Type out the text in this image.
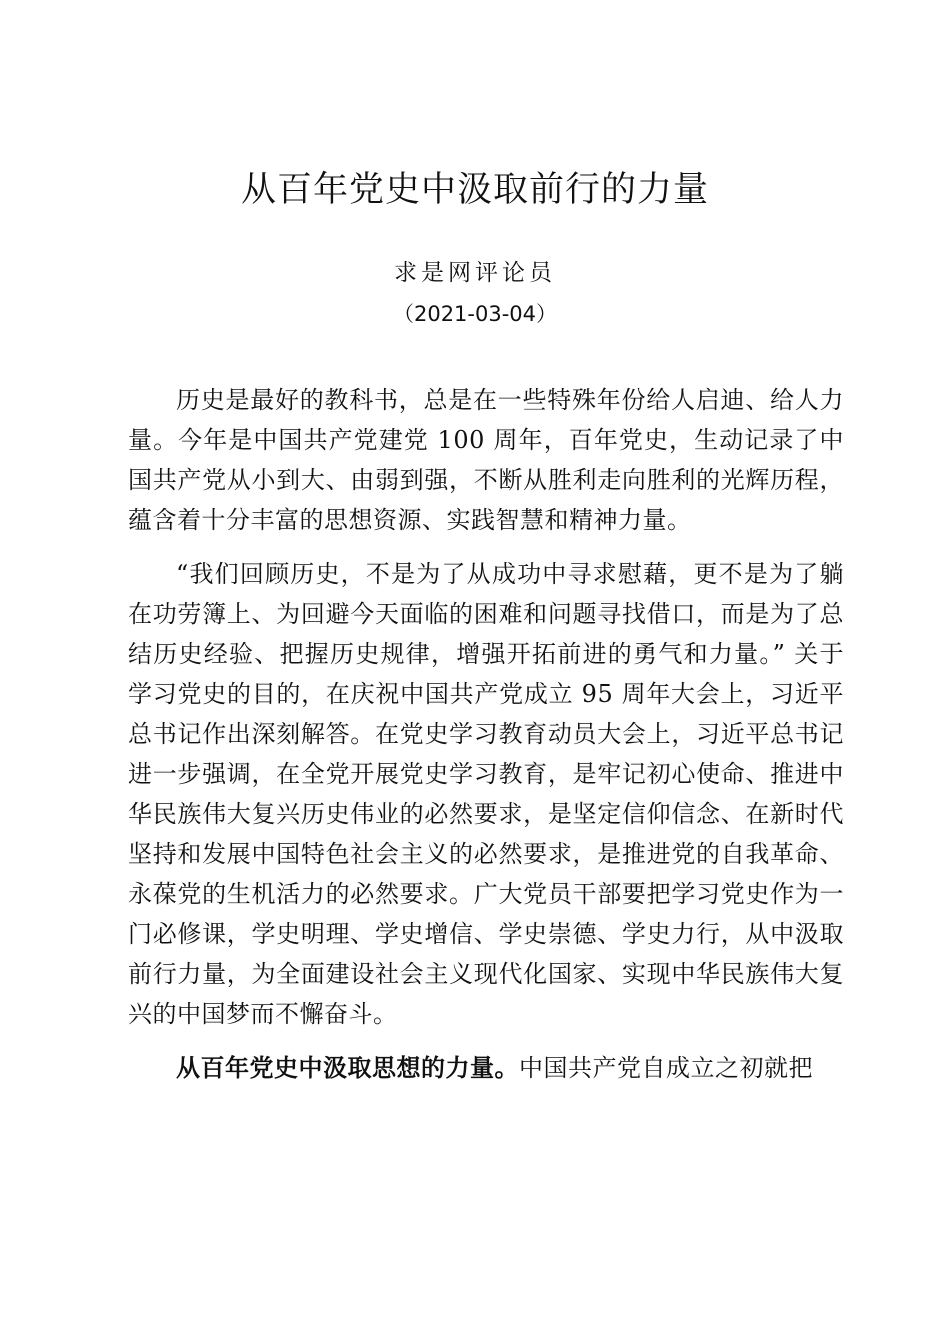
从百年党史中汲取前行的力量
求是网评论员
（2021-03-04）

历史是最好的教科书，总是在一些特殊年份给人启迪、给人力量。今年是中国共产党建党 100 周年，百年党史，生动记录了中国共产党从小到大、由弱到强，不断从胜利走向胜利的光辉历程，蕴含着十分丰富的思想资源、实践智慧和精神力量。

“我们回顾历史，不是为了从成功中寻求慰藉，更不是为了躺在功劳簿上、为回避今天面临的困难和问题寻找借口，而是为了总结历史经验、把握历史规律，增强开拓前进的勇气和力量。” 关于学习党史的目的，在庆祝中国共产党成立 95 周年大会上，习近平总书记作出深刻解答。在党史学习教育动员大会上，习近平总书记进一步强调，在全党开展党史学习教育，是牢记初心使命、推进中华民族伟大复兴历史伟业的必然要求，是坚定信仰信念、在新时代坚持和发展中国特色社会主义的必然要求，是推进党的自我革命、永葆党的生机活力的必然要求。广大党员干部要把学习党史作为一门必修课，学史明理、学史增信、学史崇德、学史力行，从中汲取前行力量，为全面建设社会主义现代化国家、实现中华民族伟大复兴的中国梦而不懈奋斗。

从百年党史中汲取思想的力量。中国共产党自成立之初就把
